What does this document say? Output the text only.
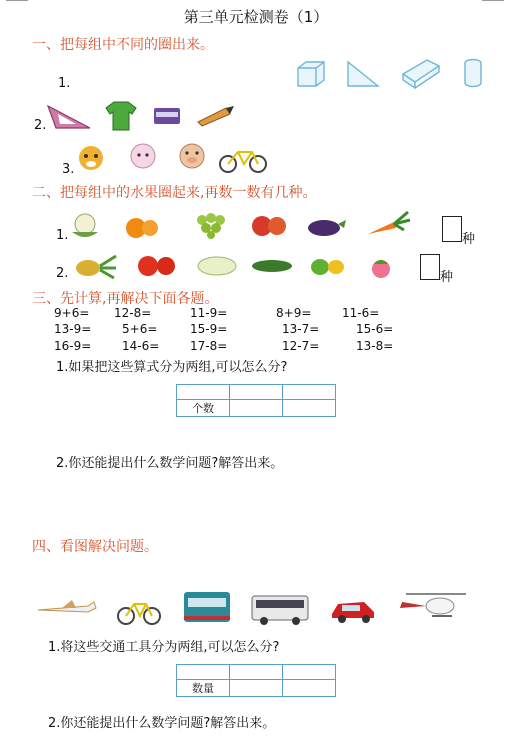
第三单元检测卷（1）
一、把每组中不同的圈出来。
1.
2.
3.
二、把每组中的水果圈起来,再数一数有几种。
1.
2.
种
种
三、先计算,再解决下面各题。
9+6= 12-8=	11-9=	8+9=	11-6=
13-9=	5+6=	15-9=	13-7=	15-6=
16-9=	14-6=	17-8=	12-7=	13-8=
1.如果把这些算式分为两组,可以怎么分?

个数		
2.你还能提出什么数学问题?解答出来。
四、看图解决问题。
1.将这些交通工具分为两组,可以怎么分?

数量		
2.你还能提出什么数学问题?解答出来。
